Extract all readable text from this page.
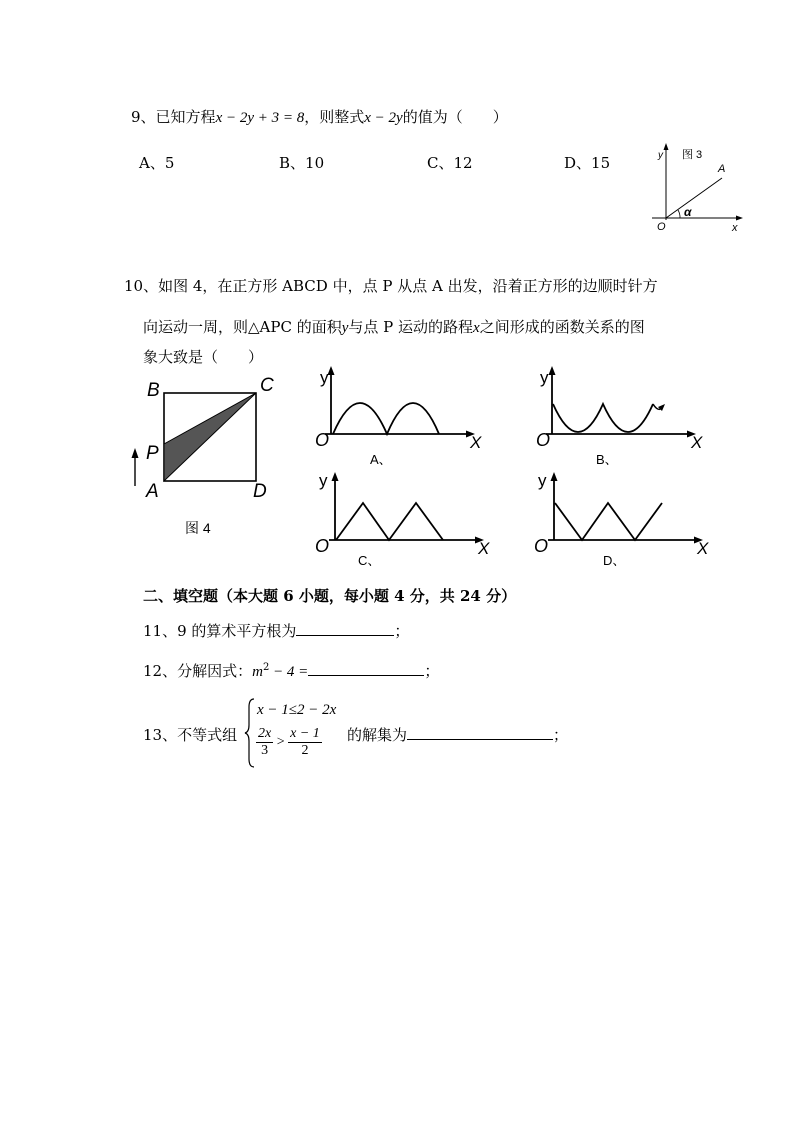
9、已知方程x − 2y + 3 = 8，则整式x − 2y的值为（　　）
A、5	B、10	C、12	D、15	y 图 3
A
α
O	x
10、如图 4，在正方形 ABCD 中，点 P 从点 A 出发，沿着正方形的边顺时针方
向运动一周，则△APC 的面积y与点 P 运动的路程x之间形成的函数关系的图
象大致是（　　）
B	C
P
A	D
图 4
y
O	X
A、
y
O	X
B、
y
O	X
C、
y
O	X
D、
二、填空题（本大题 6 小题，每小题 4 分，共 24 分）
11、9 的算术平方根为	；
12、分解因式：$m^2 - 4$ =	；
13、不等式组
x − 1≤2 − 2x
$\frac{2x}{3} > \frac{x - 1}{2}$ 的解集为	；
